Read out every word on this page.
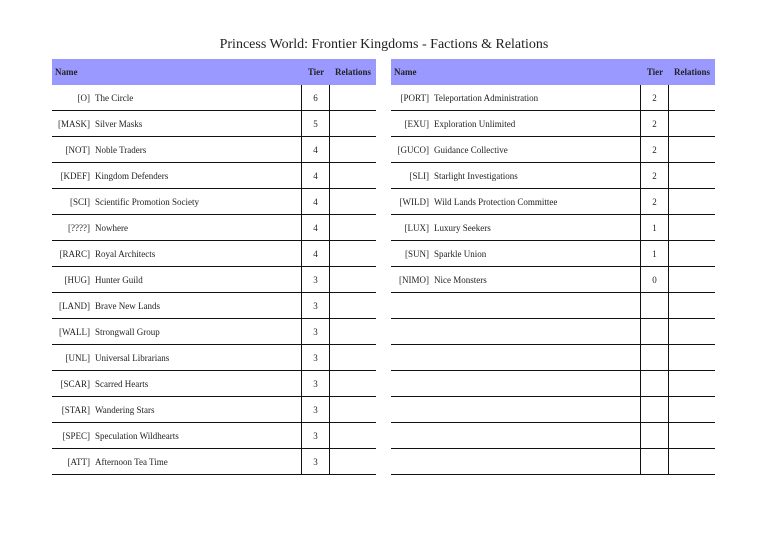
Princess World: Frontier Kingdoms - Factions & Relations
Name	Tier	Relations
[O] The Circle	6
[MASK] Silver Masks	5
[NOT] Noble Traders	4
[KDEF] Kingdom Defenders	4
[SCI] Scientific Promotion Society	4
[????] Nowhere	4
[RARC] Royal Architects	4
[HUG] Hunter Guild	3
[LAND] Brave New Lands	3
[WALL] Strongwall Group	3
[UNL] Universal Librarians	3
[SCAR] Scarred Hearts	3
[STAR] Wandering Stars	3
[SPEC] Speculation Wildhearts	3
[ATT] Afternoon Tea Time	3
Name	Tier	Relations
[PORT] Teleportation Administration	2
[EXU] Exploration Unlimited	2
[GUCO] Guidance Collective	2
[SLI] Starlight Investigations	2
[WILD] Wild Lands Protection Committee	2
[LUX] Luxury Seekers	1
[SUN] Sparkle Union	1
[NIMO] Nice Monsters	0
